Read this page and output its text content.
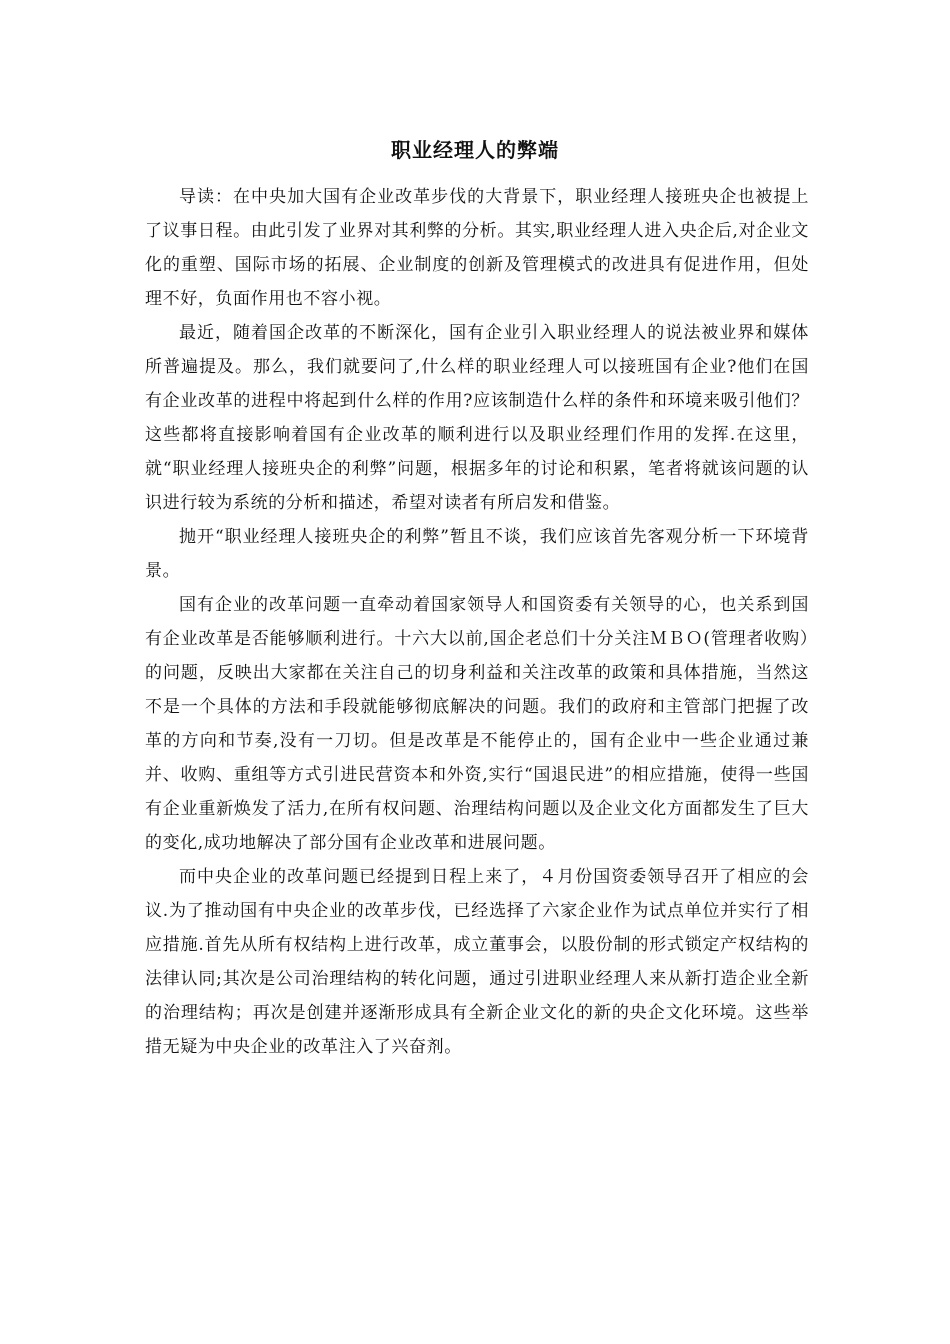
职业经理人的弊端

导读：在中央加大国有企业改革步伐的大背景下，职业经理人接班央企也被提上了议事日程。由此引发了业界对其利弊的分析。其实,职业经理人进入央企后,对企业文化的重塑、国际市场的拓展、企业制度的创新及管理模式的改进具有促进作用，但处理不好，负面作用也不容小视。

最近，随着国企改革的不断深化，国有企业引入职业经理人的说法被业界和媒体所普遍提及。那么，我们就要问了,什么样的职业经理人可以接班国有企业?他们在国有企业改革的进程中将起到什么样的作用?应该制造什么样的条件和环境来吸引他们？这些都将直接影响着国有企业改革的顺利进行以及职业经理们作用的发挥.在这里，就“职业经理人接班央企的利弊”问题，根据多年的讨论和积累，笔者将就该问题的认识进行较为系统的分析和描述，希望对读者有所启发和借鉴。

抛开“职业经理人接班央企的利弊”暂且不谈，我们应该首先客观分析一下环境背景。

国有企业的改革问题一直牵动着国家领导人和国资委有关领导的心，也关系到国有企业改革是否能够顺利进行。十六大以前,国企老总们十分关注ＭＢＯ(管理者收购）的问题，反映出大家都在关注自己的切身利益和关注改革的政策和具体措施，当然这不是一个具体的方法和手段就能够彻底解决的问题。我们的政府和主管部门把握了改革的方向和节奏,没有一刀切。但是改革是不能停止的，国有企业中一些企业通过兼并、收购、重组等方式引进民营资本和外资,实行“国退民进”的相应措施，使得一些国有企业重新焕发了活力,在所有权问题、治理结构问题以及企业文化方面都发生了巨大的变化,成功地解决了部分国有企业改革和进展问题。

而中央企业的改革问题已经提到日程上来了，４月份国资委领导召开了相应的会议.为了推动国有中央企业的改革步伐，已经选择了六家企业作为试点单位并实行了相应措施.首先从所有权结构上进行改革，成立董事会，以股份制的形式锁定产权结构的法律认同;其次是公司治理结构的转化问题，通过引进职业经理人来从新打造企业全新的治理结构；再次是创建并逐渐形成具有全新企业文化的新的央企文化环境。这些举措无疑为中央企业的改革注入了兴奋剂。
